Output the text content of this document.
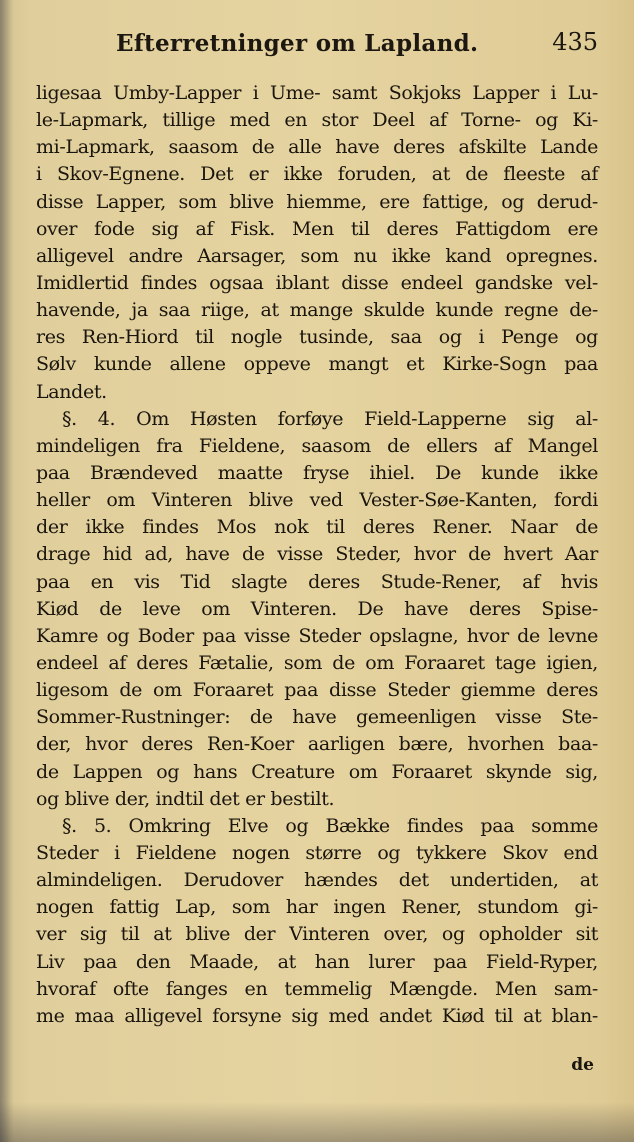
Efterretninger om Lapland.	435
ligesaa Umby-Lapper i Ume- samt Sokjoks Lapper i Lu-
le-Lapmark, tillige med en stor Deel af Torne- og Ki-
mi-Lapmark, saasom de alle have deres afskilte Lande
i Skov-Egnene. Det er ikke foruden, at de fleeste af
disse Lapper, som blive hiemme, ere fattige, og derud-
over fode sig af Fisk. Men til deres Fattigdom ere
alligevel andre Aarsager, som nu ikke kand opregnes.
Imidlertid findes ogsaa iblant disse endeel gandske vel-
havende, ja saa riige, at mange skulde kunde regne de-
res Ren-Hiord til nogle tusinde, saa og i Penge og
Sølv kunde allene oppeve mangt et Kirke-Sogn paa
Landet.
§. 4. Om Høsten forføye Field-Lapperne sig al-
mindeligen fra Fieldene, saasom de ellers af Mangel
paa Brændeved maatte fryse ihiel. De kunde ikke
heller om Vinteren blive ved Vester-Søe-Kanten, fordi
der ikke findes Mos nok til deres Rener. Naar de
drage hid ad, have de visse Steder, hvor de hvert Aar
paa en vis Tid slagte deres Stude-Rener, af hvis
Kiød de leve om Vinteren. De have deres Spise-
Kamre og Boder paa visse Steder opslagne, hvor de levne
endeel af deres Fætalie, som de om Foraaret tage igien,
ligesom de om Foraaret paa disse Steder giemme deres
Sommer-Rustninger: de have gemeenligen visse Ste-
der, hvor deres Ren-Koer aarligen bære, hvorhen baa-
de Lappen og hans Creature om Foraaret skynde sig,
og blive der, indtil det er bestilt.
§. 5. Omkring Elve og Bække findes paa somme
Steder i Fieldene nogen større og tykkere Skov end
almindeligen. Derudover hændes det undertiden, at
nogen fattig Lap, som har ingen Rener, stundom gi-
ver sig til at blive der Vinteren over, og opholder sit
Liv paa den Maade, at han lurer paa Field-Ryper,
hvoraf ofte fanges en temmelig Mængde. Men sam-
me maa alligevel forsyne sig med andet Kiød til at blan-
de
